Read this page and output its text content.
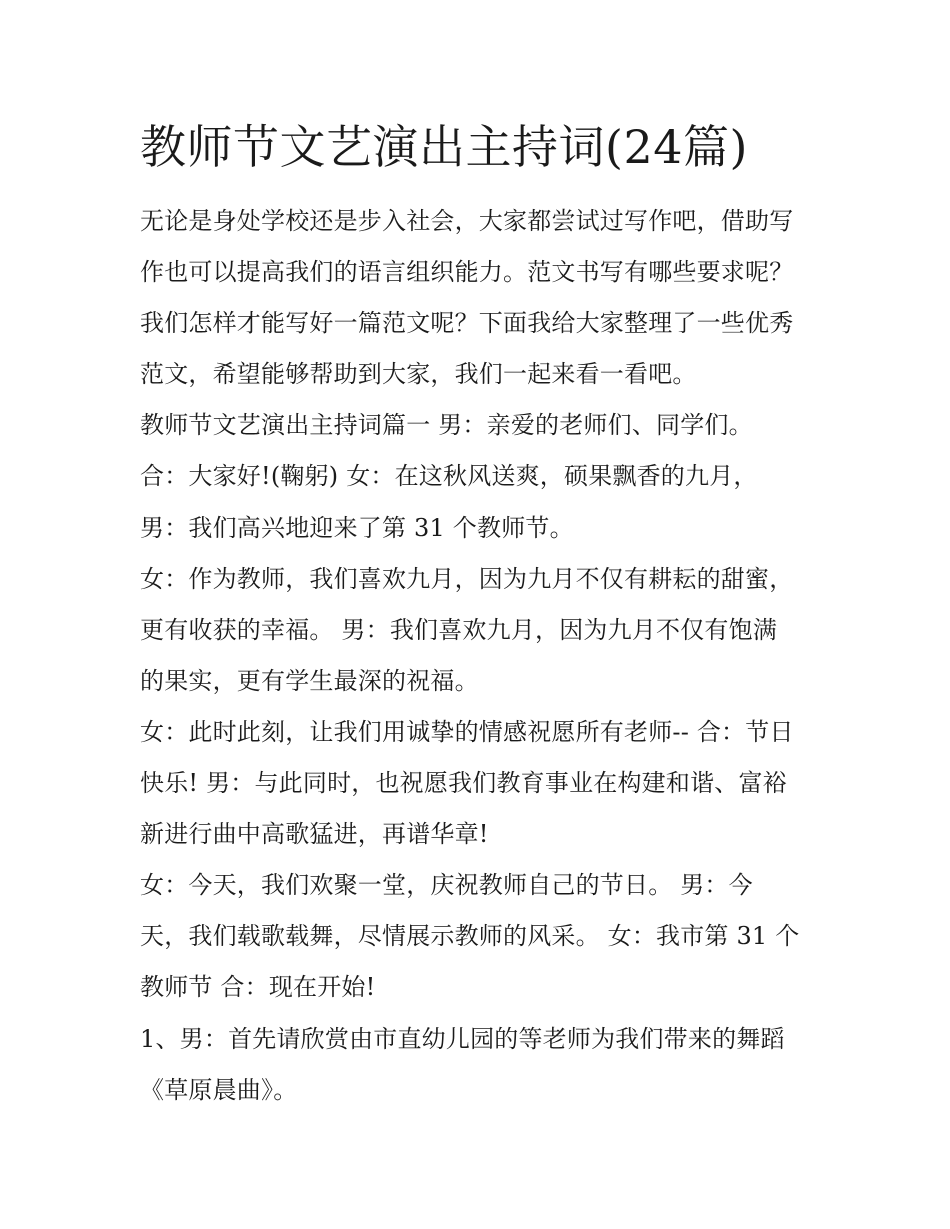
教师节文艺演出主持词(24篇)
无论是身处学校还是步入社会，大家都尝试过写作吧，借助写
作也可以提高我们的语言组织能力。范文书写有哪些要求呢？
我们怎样才能写好一篇范文呢？下面我给大家整理了一些优秀
范文，希望能够帮助到大家，我们一起来看一看吧。
教师节文艺演出主持词篇一 男：亲爱的老师们、同学们。
合：大家好!(鞠躬) 女：在这秋风送爽，硕果飘香的九月，
男：我们高兴地迎来了第 31 个教师节。
女：作为教师，我们喜欢九月，因为九月不仅有耕耘的甜蜜，
更有收获的幸福。 男：我们喜欢九月，因为九月不仅有饱满
的果实，更有学生最深的祝福。
女：此时此刻，让我们用诚挚的情感祝愿所有老师-- 合：节日
快乐! 男：与此同时，也祝愿我们教育事业在构建和谐、富裕
新进行曲中高歌猛进，再谱华章!
女：今天，我们欢聚一堂，庆祝教师自己的节日。 男：今
天，我们载歌载舞，尽情展示教师的风采。 女：我市第 31 个
教师节 合：现在开始!
1、男：首先请欣赏由市直幼儿园的等老师为我们带来的舞蹈
《草原晨曲》。
